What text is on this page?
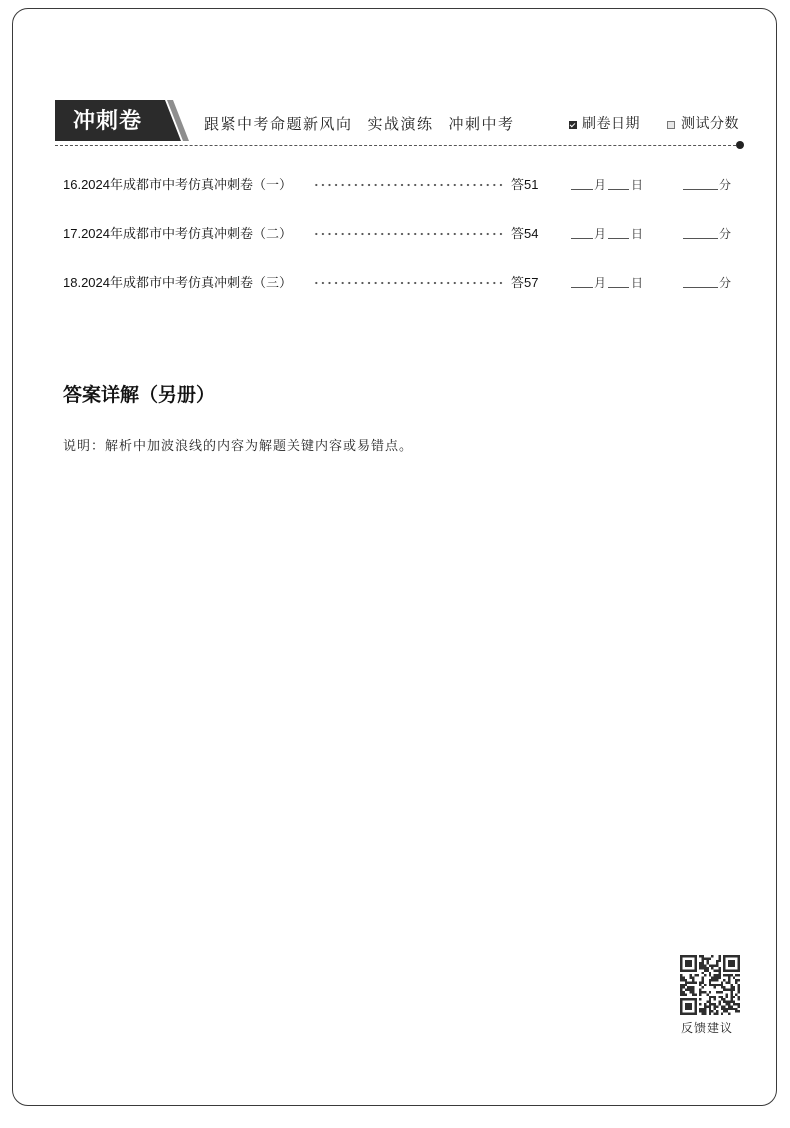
冲刺卷	跟紧中考命题新风向 实战演练 冲刺中考	刷卷日期	测试分数
16.2024年成都市中考仿真冲刺卷（一）	答51	月 日	分
17.2024年成都市中考仿真冲刺卷（二）	答54	月 日	分
18.2024年成都市中考仿真冲刺卷（三）	答57	月 日	分
答案详解（另册）
说明：解析中加波浪线的内容为解题关键内容或易错点。
反馈建议
